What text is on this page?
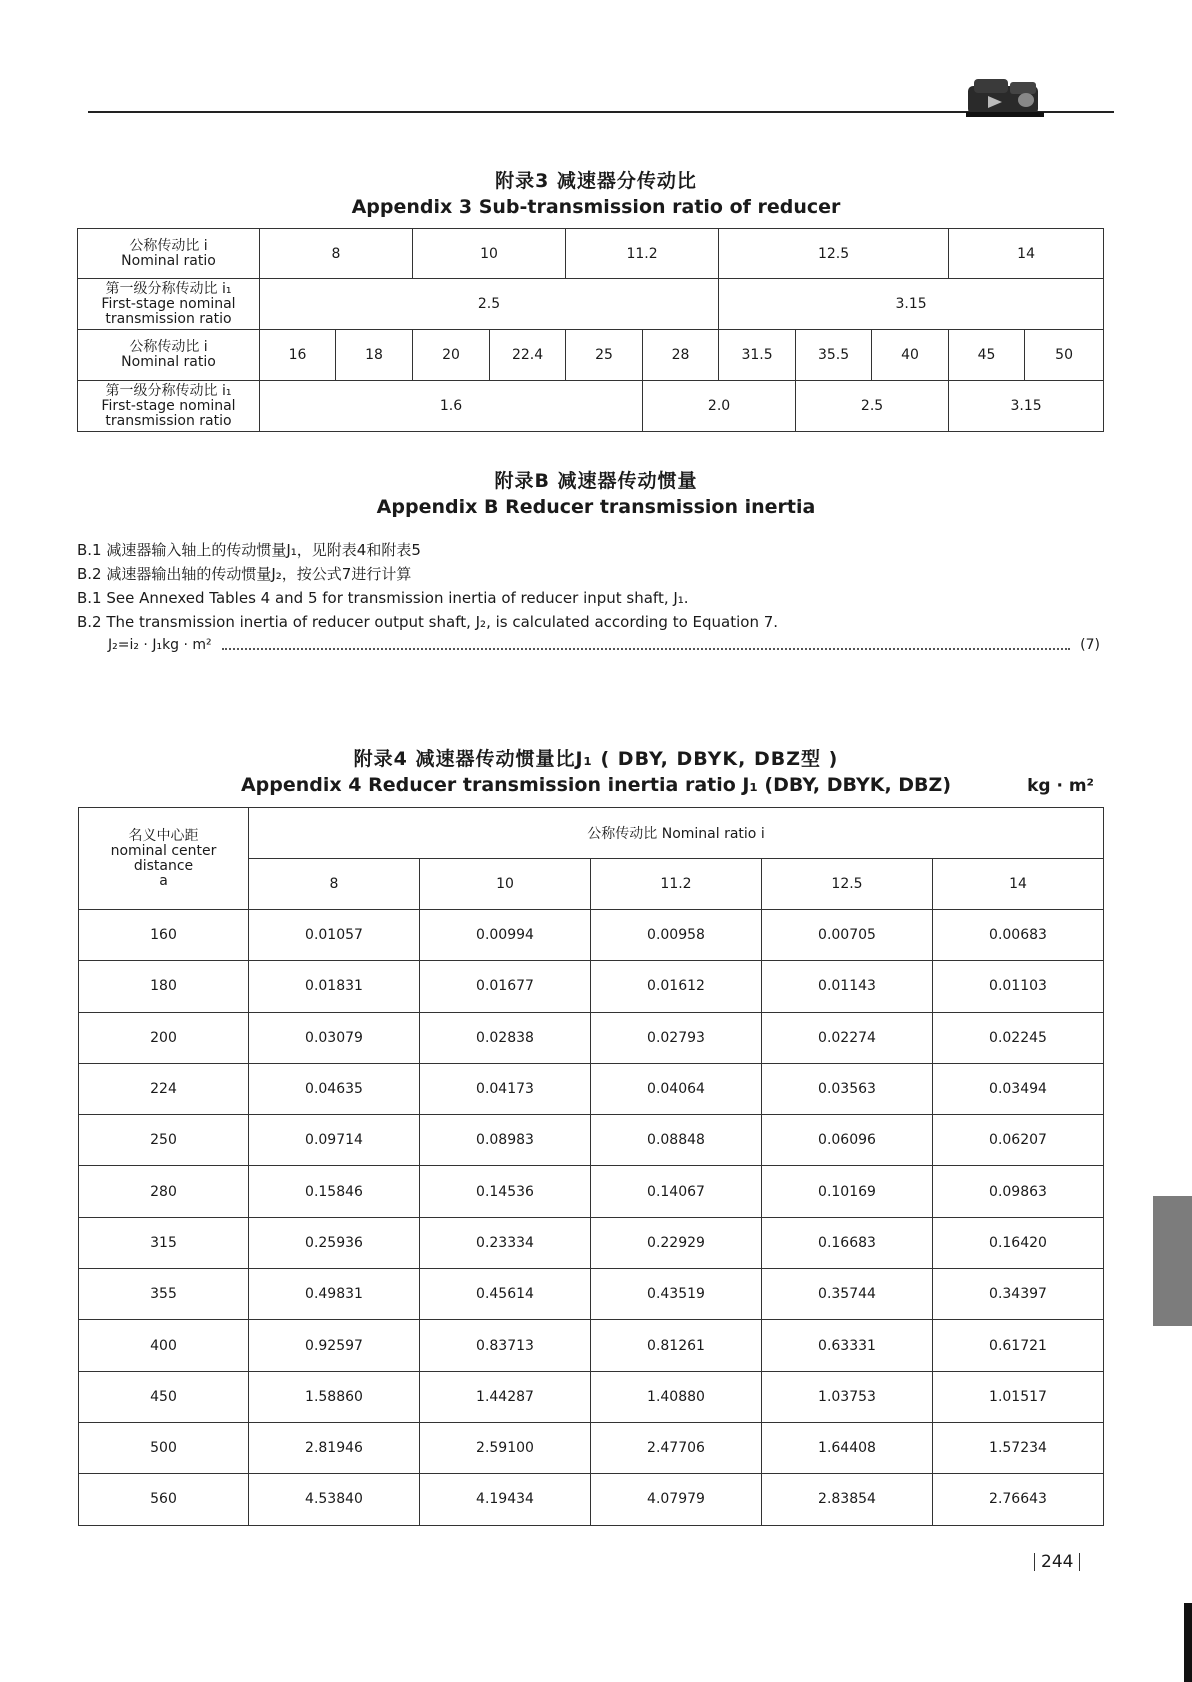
附录3 减速器分传动比
Appendix 3 Sub-transmission ratio of reducer
公称传动比 i
Nominal ratio	8		10		11.2		12.5			14	

第一级分称传动比 i₁
First-stage nominal
transmission ratio	2.5						3.15				

公称传动比 i
Nominal ratio	16	18	20	22.4	25	28	31.5	35.5	40	45	50

第一级分称传动比 i₁
First-stage nominal
transmission ratio	1.6					2.0		2.5		3.15	
附录B 减速器传动惯量
Appendix B Reducer transmission inertia
B.1 减速器输入轴上的传动惯量J₁，见附表4和附表5
B.2 减速器输出轴的传动惯量J₂，按公式7进行计算
B.1 See Annexed Tables 4 and 5 for transmission inertia of reducer input shaft, J₁.
B.2 The transmission inertia of reducer output shaft, J₂, is calculated according to Equation 7.
J₂=i₂ · J₁kg · m²	(7)
附录4 减速器传动惯量比J₁ ( DBY, DBYK, DBZ型 )
Appendix 4 Reducer transmission inertia ratio J₁ (DBY, DBYK, DBZ)	kg · m²
名义中心距
nominal center
distance
a	公称传动比 Nominal ratio i				
	8	10	11.2	12.5	14
160	0.01057	0.00994	0.00958	0.00705	0.00683
180	0.01831	0.01677	0.01612	0.01143	0.01103
200	0.03079	0.02838	0.02793	0.02274	0.02245
224	0.04635	0.04173	0.04064	0.03563	0.03494
250	0.09714	0.08983	0.08848	0.06096	0.06207
280	0.15846	0.14536	0.14067	0.10169	0.09863
315	0.25936	0.23334	0.22929	0.16683	0.16420
355	0.49831	0.45614	0.43519	0.35744	0.34397
400	0.92597	0.83713	0.81261	0.63331	0.61721
450	1.58860	1.44287	1.40880	1.03753	1.01517
500	2.81946	2.59100	2.47706	1.64408	1.57234
560	4.53840	4.19434	4.07979	2.83854	2.76643
244
